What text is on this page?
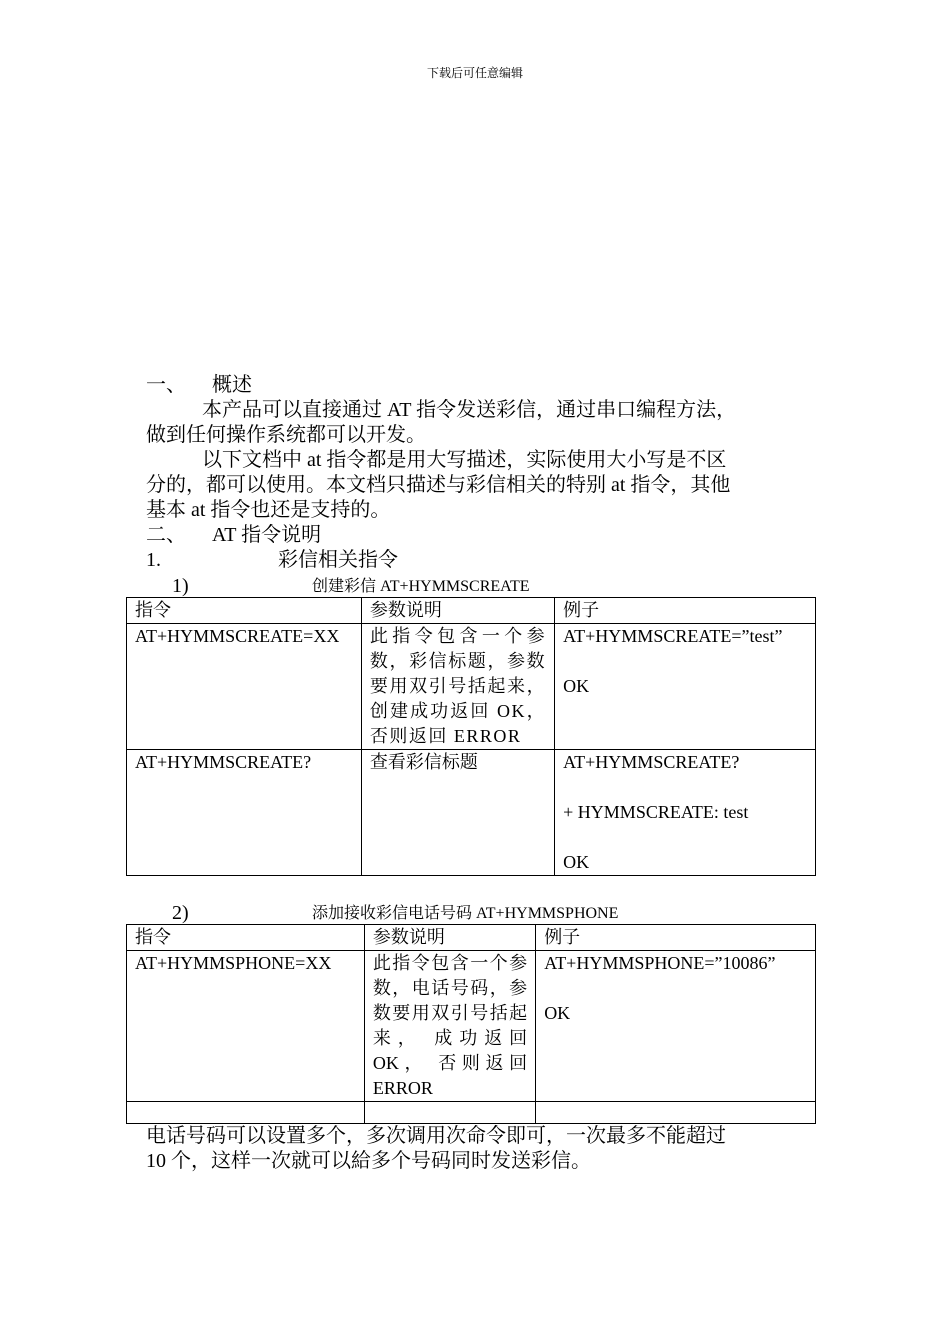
下载后可任意编辑
一、 概述
本产品可以直接通过 AT 指令发送彩信，通过串口编程方法，
做到任何操作系统都可以开发。
以下文档中 at 指令都是用大写描述，实际使用大小写是不区
分的，都可以使用。本文档只描述与彩信相关的特别 at 指令，其他
基本 at 指令也还是支持的。
二、 AT 指令说明
1.	彩信相关指令
1)	创建彩信 AT+HYMMSCREATE
指令	参数说明	例子
AT+HYMMSCREATE=XX	此指令包含一个参数，彩信标题，参数要用双引号括起来，创建成功返回 OK，否则返回 ERROR	AT+HYMMSCREATE=”test”
OK

AT+HYMMSCREATE?	查看彩信标题	AT+HYMMSCREATE?
+ HYMMSCREATE: test
OK
2)	添加接收彩信电话号码 AT+HYMMSPHONE
指令	参数说明	例子
AT+HYMMSPHONE=XX	此指令包含一个参数，电话号码，参数要用双引号括起来， 成功返回 OK， 否则返回 ERROR	AT+HYMMSPHONE=”10086”
OK

电话号码可以设置多个，多次调用次命令即可，一次最多不能超过
10 个，这样一次就可以給多个号码同时发送彩信。
